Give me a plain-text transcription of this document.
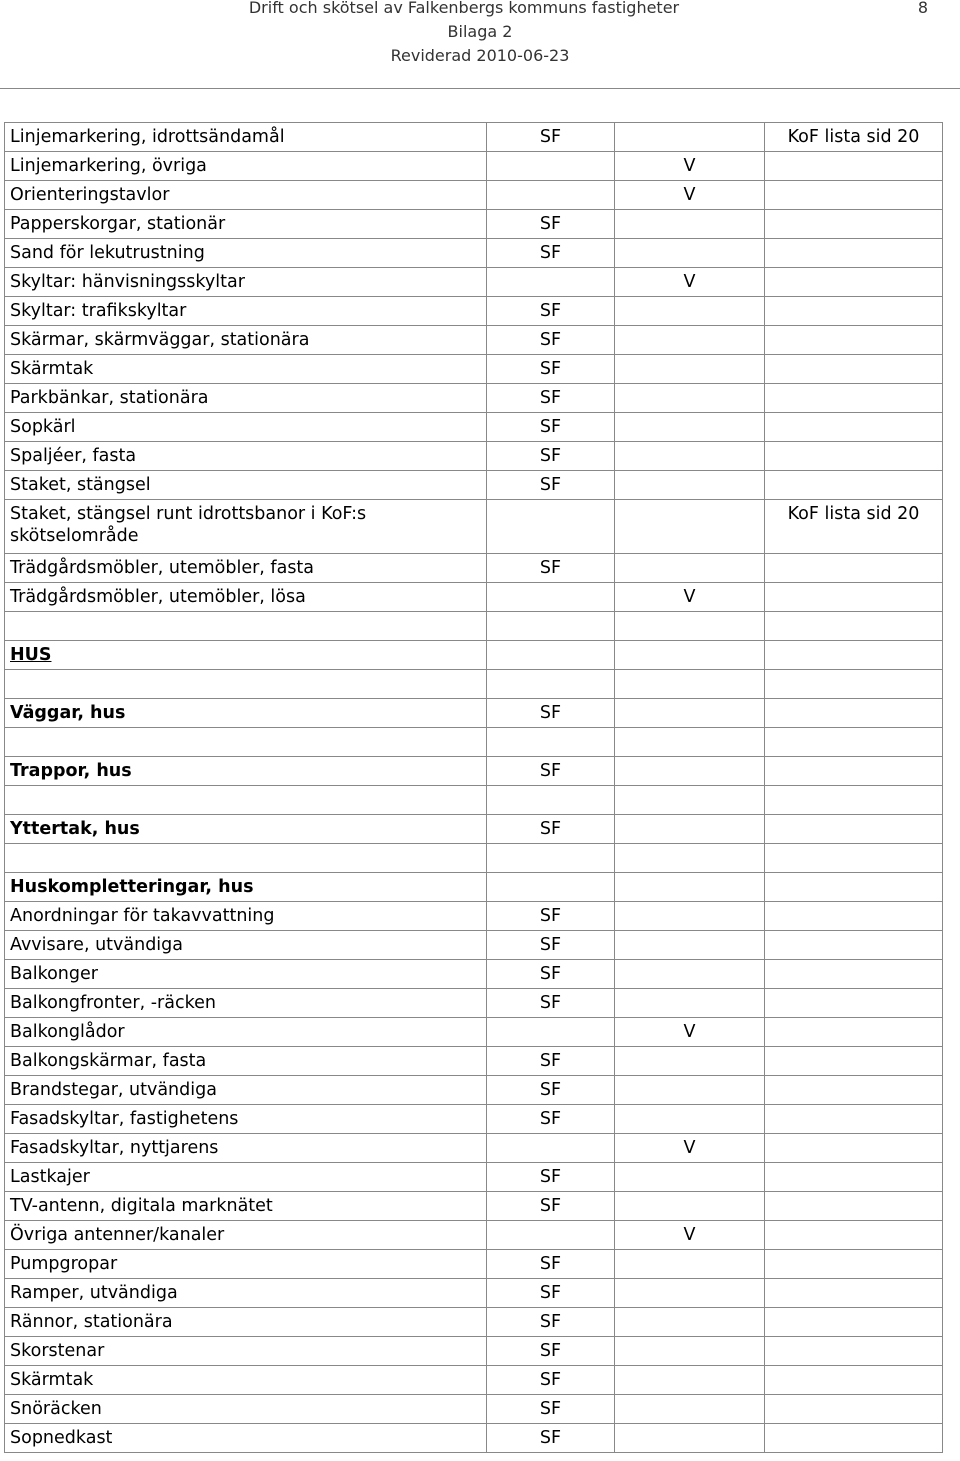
Drift och skötsel av Falkenbergs kommuns fastigheter	8
Bilaga 2
Reviderad 2010-06-23
Linjemarkering, idrottsändamål	SF		KoF lista sid 20
Linjemarkering, övriga		V	
Orienteringstavlor		V	
Papperskorgar, stationär	SF		
Sand för lekutrustning	SF		
Skyltar: hänvisningsskyltar		V	
Skyltar: trafikskyltar	SF		
Skärmar, skärmväggar, stationära	SF		
Skärmtak	SF		
Parkbänkar, stationära	SF		
Sopkärl	SF		
Spaljéer, fasta	SF		
Staket, stängsel	SF		
Staket, stängsel runt idrottsbanor i KoF:s skötselområde			KoF lista sid 20
Trädgårdsmöbler, utemöbler, fasta	SF		
Trädgårdsmöbler, utemöbler, lösa		V	

HUS			

Väggar, hus	SF		

Trappor, hus	SF		

Yttertak, hus	SF		

Huskompletteringar, hus			
Anordningar för takavvattning	SF		
Avvisare, utvändiga	SF		
Balkonger	SF		
Balkongfronter, -räcken	SF		
Balkonglådor		V	
Balkongskärmar, fasta	SF		
Brandstegar, utvändiga	SF		
Fasadskyltar, fastighetens	SF		
Fasadskyltar, nyttjarens		V	
Lastkajer	SF		
TV-antenn, digitala marknätet	SF		
Övriga antenner/kanaler		V	
Pumpgropar	SF		
Ramper, utvändiga	SF		
Rännor, stationära	SF		
Skorstenar	SF		
Skärmtak	SF		
Snöräcken	SF		
Sopnedkast	SF		
